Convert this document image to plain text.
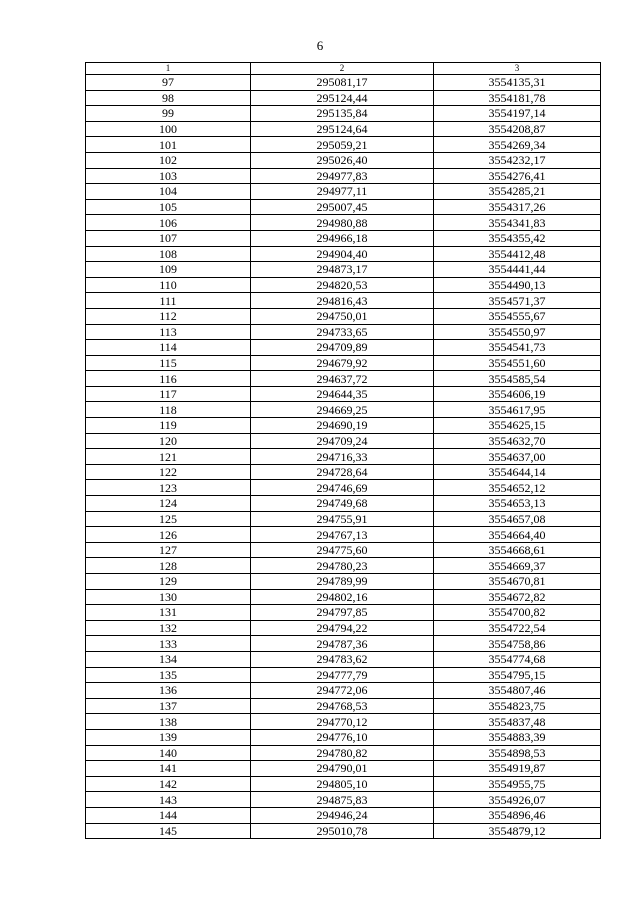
6
1	2	3
97	295081,17	3554135,31
98	295124,44	3554181,78
99	295135,84	3554197,14
100	295124,64	3554208,87
101	295059,21	3554269,34
102	295026,40	3554232,17
103	294977,83	3554276,41
104	294977,11	3554285,21
105	295007,45	3554317,26
106	294980,88	3554341,83
107	294966,18	3554355,42
108	294904,40	3554412,48
109	294873,17	3554441,44
110	294820,53	3554490,13
111	294816,43	3554571,37
112	294750,01	3554555,67
113	294733,65	3554550,97
114	294709,89	3554541,73
115	294679,92	3554551,60
116	294637,72	3554585,54
117	294644,35	3554606,19
118	294669,25	3554617,95
119	294690,19	3554625,15
120	294709,24	3554632,70
121	294716,33	3554637,00
122	294728,64	3554644,14
123	294746,69	3554652,12
124	294749,68	3554653,13
125	294755,91	3554657,08
126	294767,13	3554664,40
127	294775,60	3554668,61
128	294780,23	3554669,37
129	294789,99	3554670,81
130	294802,16	3554672,82
131	294797,85	3554700,82
132	294794,22	3554722,54
133	294787,36	3554758,86
134	294783,62	3554774,68
135	294777,79	3554795,15
136	294772,06	3554807,46
137	294768,53	3554823,75
138	294770,12	3554837,48
139	294776,10	3554883,39
140	294780,82	3554898,53
141	294790,01	3554919,87
142	294805,10	3554955,75
143	294875,83	3554926,07
144	294946,24	3554896,46
145	295010,78	3554879,12
